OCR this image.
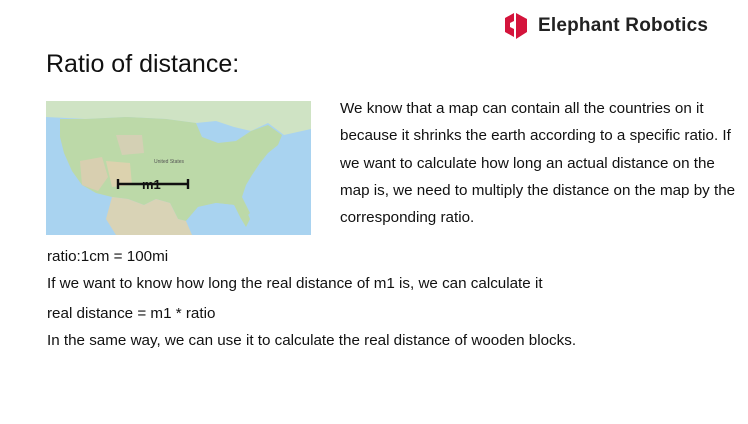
Elephant Robotics
Ratio of distance:
United States
m1
We know that a map can contain all the countries on it because it shrinks the earth according to a specific ratio. If we want to calculate how long an actual distance on the map is, we need to multiply the distance on the map by the corresponding ratio.
ratio:1cm = 100mi
If we want to know how long the real distance of m1 is, we can calculate it
real distance = m1 * ratio
In the same way, we can use it to calculate the real distance of wooden blocks.
